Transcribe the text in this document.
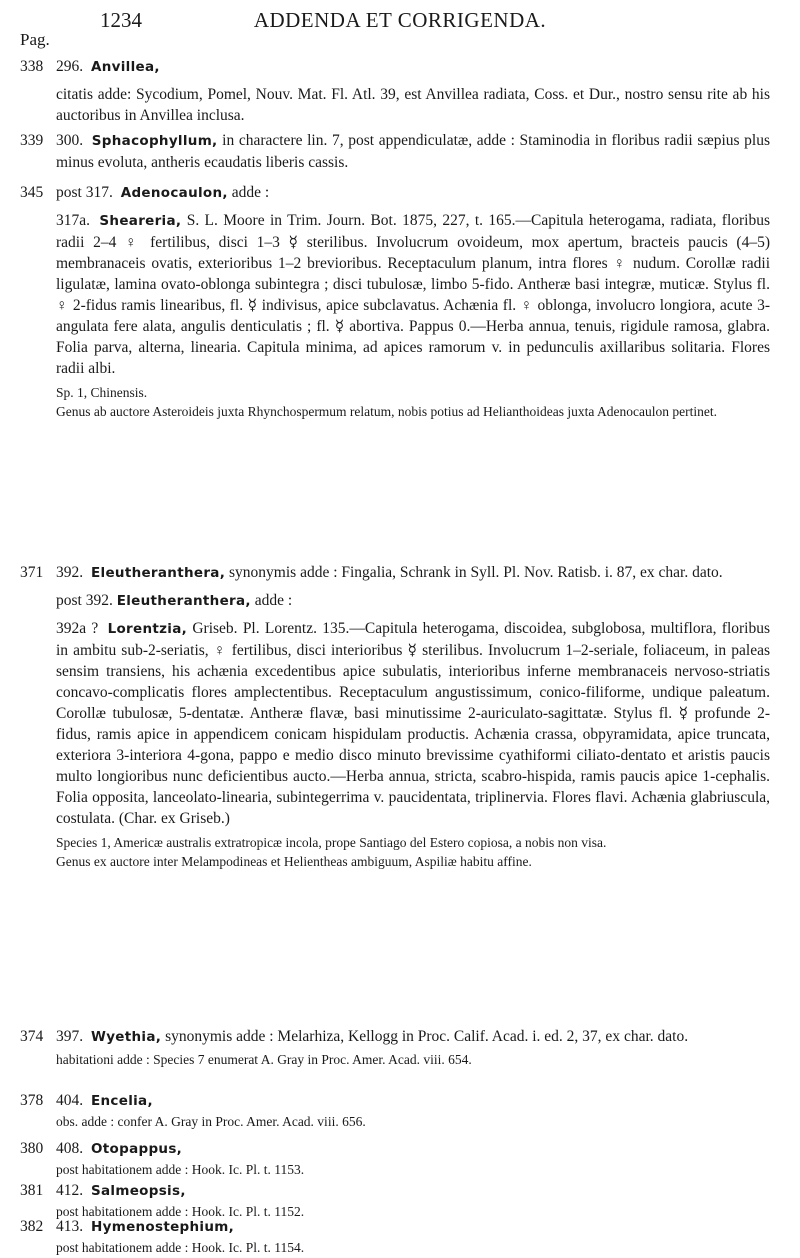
1234	ADDENDA ET CORRIGENDA.
Pag.
338 296. Anvillea,

citatis adde: Sycodium, Pomel, Nouv. Mat. Fl. Atl. 39, est Anvillea radiata, Coss. et Dur., nostro sensu rite ab his auctoribus in Anvillea inclusa.

339 300. Sphacophyllum, in charactere lin. 7, post appendiculatæ, adde : Staminodia in floribus radii sæpius plus minus evoluta, antheris ecaudatis liberis cassis.

345 post 317. Adenocaulon, adde :

317a. Sheareria, S. L. Moore in Trim. Journ. Bot. 1875, 227, t. 165.—Capitula heterogama, radiata, floribus radii 2–4 ♀ fertilibus, disci 1–3 ☿ sterilibus. Involucrum ovoideum, mox apertum, bracteis paucis (4–5) membranaceis ovatis, exterioribus 1–2 brevioribus. Receptaculum planum, intra flores ♀ nudum. Corollæ radii ligulatæ, lamina ovato-oblonga subintegra ; disci tubulosæ, limbo 5-fido. Antheræ basi integræ, muticæ. Stylus fl. ♀ 2-fidus ramis linearibus, fl. ☿ indivisus, apice subclavatus. Achænia fl. ♀ oblonga, involucro longiora, acute 3-angulata fere alata, angulis denticulatis ; fl. ☿ abortiva. Pappus 0.—Herba annua, tenuis, rigidule ramosa, glabra. Folia parva, alterna, linearia. Capitula minima, ad apices ramorum v. in pedunculis axillaribus solitaria. Flores radii albi.

Sp. 1, Chinensis.

Genus ab auctore Asteroideis juxta Rhynchospermum relatum, nobis potius ad Helianthoideas juxta Adenocaulon pertinet.

371 392. Eleutheranthera, synonymis adde : Fingalia, Schrank in Syll. Pl. Nov. Ratisb. i. 87, ex char. dato.

post 392. Eleutheranthera, adde :

392a ? Lorentzia, Griseb. Pl. Lorentz. 135.—Capitula heterogama, discoidea, subglobosa, multiflora, floribus in ambitu sub-2-seriatis, ♀ fertilibus, disci interioribus ☿ sterilibus. Involucrum 1–2-seriale, foliaceum, in paleas sensim transiens, his achænia excedentibus apice subulatis, interioribus inferne membranaceis nervoso-striatis concavo-complicatis flores amplectentibus. Receptaculum angustissimum, conico-filiforme, undique paleatum. Corollæ tubulosæ, 5-dentatæ. Antheræ flavæ, basi minutissime 2-auriculato-sagittatæ. Stylus fl. ☿ profunde 2-fidus, ramis apice in appendicem conicam hispidulam productis. Achænia crassa, obpyramidata, apice truncata, exteriora 3-interiora 4-gona, pappo e medio disco minuto brevissime cyathiformi ciliato-dentato et aristis paucis multo longioribus nunc deficientibus aucto.—Herba annua, stricta, scabro-hispida, ramis paucis apice 1-cephalis. Folia opposita, lanceolato-linearia, subintegerrima v. paucidentata, triplinervia. Flores flavi. Achænia glabriuscula, costulata. (Char. ex Griseb.)

Species 1, Americæ australis extratropicæ incola, prope Santiago del Estero copiosa, a nobis non visa.

Genus ex auctore inter Melampodineas et Helientheas ambiguum, Aspiliæ habitu affine.

374 397. Wyethia, synonymis adde : Melarhiza, Kellogg in Proc. Calif. Acad. i. ed. 2, 37, ex char. dato.

habitationi adde : Species 7 enumerat A. Gray in Proc. Amer. Acad. viii. 654.

378 404. Encelia,

obs. adde : confer A. Gray in Proc. Amer. Acad. viii. 656.

380 408. Otopappus,

post habitationem adde : Hook. Ic. Pl. t. 1153.

381 412. Salmeopsis,

post habitationem adde : Hook. Ic. Pl. t. 1152.

382 413. Hymenostephium,

post habitationem adde : Hook. Ic. Pl. t. 1154.
